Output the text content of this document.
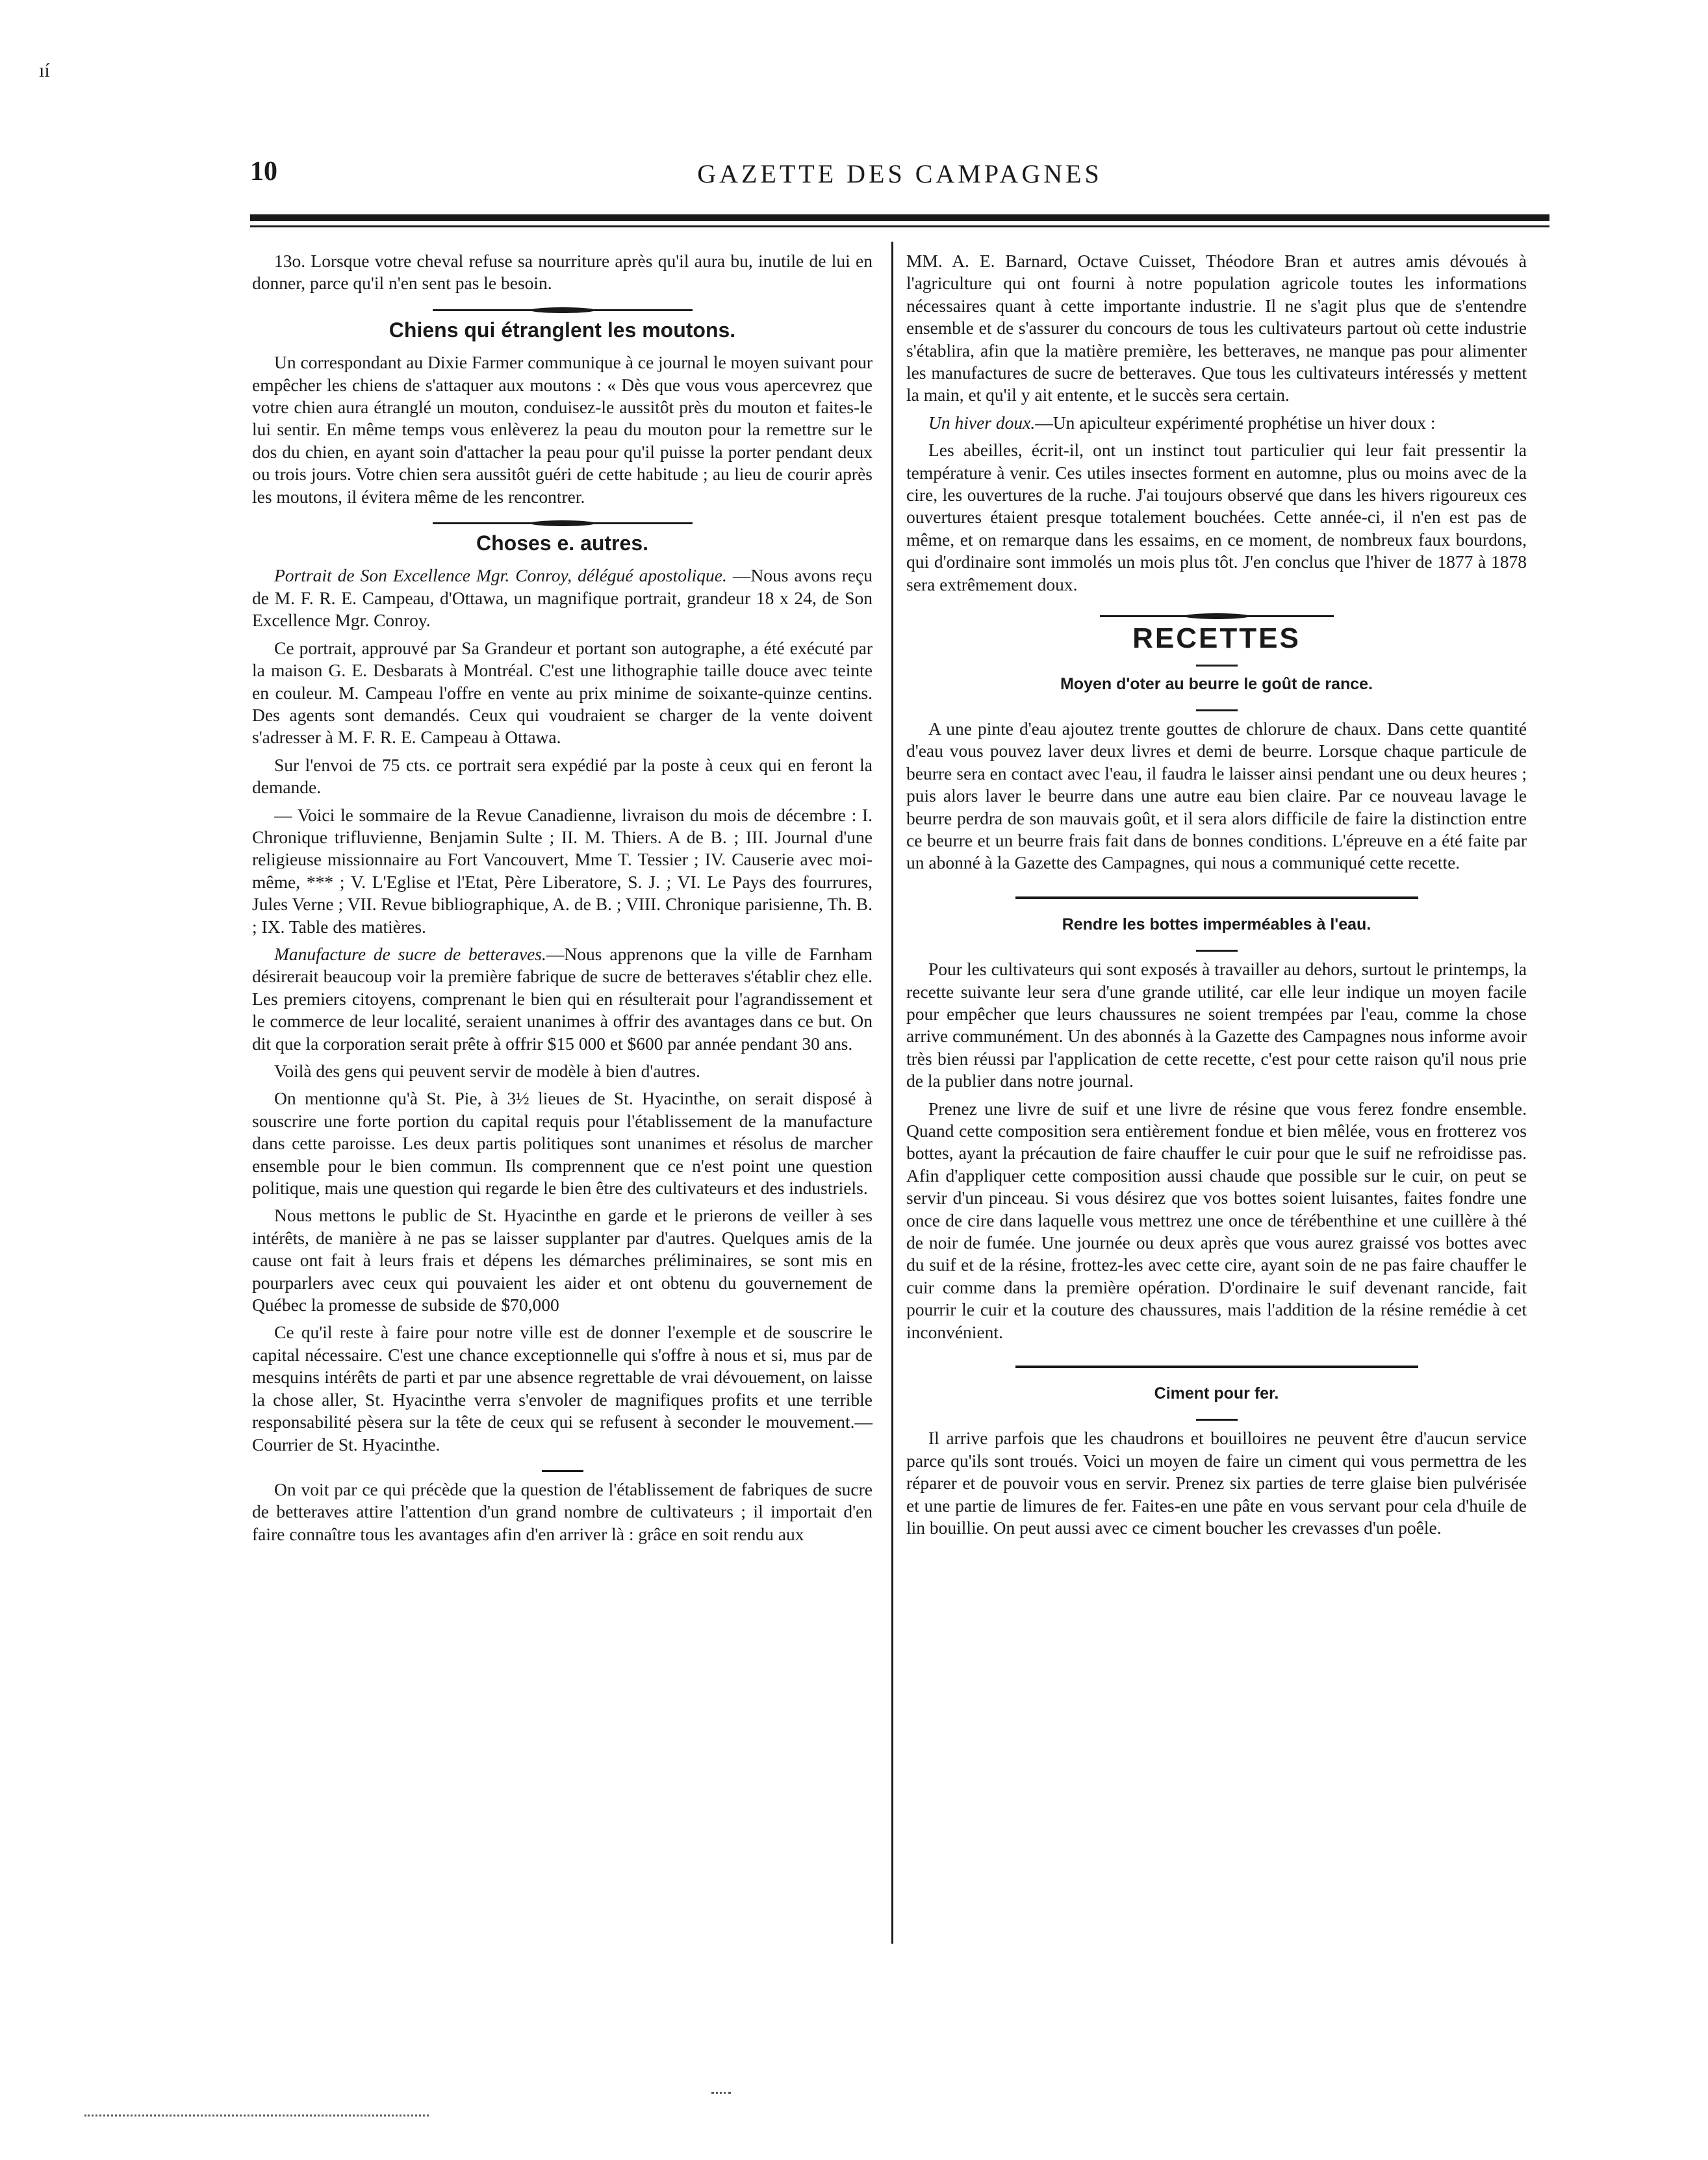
ıí
10	GAZETTE DES CAMPAGNES

13o. Lorsque votre cheval refuse sa nourriture après qu'il aura bu, inutile de lui en donner, parce qu'il n'en sent pas le besoin.

Chiens qui étranglent les moutons.

Un correspondant au Dixie Farmer communique à ce journal le moyen suivant pour empêcher les chiens de s'attaquer aux moutons : « Dès que vous vous apercevrez que votre chien aura étranglé un mouton, conduisez-le aussitôt près du mouton et faites-le lui sentir. En même temps vous enlèverez la peau du mouton pour la remettre sur le dos du chien, en ayant soin d'attacher la peau pour qu'il puisse la porter pendant deux ou trois jours. Votre chien sera aussitôt guéri de cette habitude ; au lieu de courir après les moutons, il évitera même de les rencontrer.

Choses e. autres.

Portrait de Son Excellence Mgr. Conroy, délégué apostolique. —Nous avons reçu de M. F. R. E. Campeau, d'Ottawa, un magnifique portrait, grandeur 18 x 24, de Son Excellence Mgr. Conroy.

Ce portrait, approuvé par Sa Grandeur et portant son autographe, a été exécuté par la maison G. E. Desbarats à Montréal. C'est une lithographie taille douce avec teinte en couleur. M. Campeau l'offre en vente au prix minime de soixante-quinze centins. Des agents sont demandés. Ceux qui voudraient se charger de la vente doivent s'adresser à M. F. R. E. Campeau à Ottawa.

Sur l'envoi de 75 cts. ce portrait sera expédié par la poste à ceux qui en feront la demande.

— Voici le sommaire de la Revue Canadienne, livraison du mois de décembre : I. Chronique trifluvienne, Benjamin Sulte ; II. M. Thiers. A de B. ; III. Journal d'une religieuse missionnaire au Fort Vancouvert, Mme T. Tessier ; IV. Causerie avec moi-même, *** ; V. L'Eglise et l'Etat, Père Liberatore, S. J. ; VI. Le Pays des fourrures, Jules Verne ; VII. Revue bibliographique, A. de B. ; VIII. Chronique parisienne, Th. B. ; IX. Table des matières.

Manufacture de sucre de betteraves.—Nous apprenons que la ville de Farnham désirerait beaucoup voir la première fabrique de sucre de betteraves s'établir chez elle. Les premiers citoyens, comprenant le bien qui en résulterait pour l'agrandissement et le commerce de leur localité, seraient unanimes à offrir des avantages dans ce but. On dit que la corporation serait prête à offrir $15 000 et $600 par année pendant 30 ans.

Voilà des gens qui peuvent servir de modèle à bien d'autres.

On mentionne qu'à St. Pie, à 3½ lieues de St. Hyacinthe, on serait disposé à souscrire une forte portion du capital requis pour l'établissement de la manufacture dans cette paroisse. Les deux partis politiques sont unanimes et résolus de marcher ensemble pour le bien commun. Ils comprennent que ce n'est point une question politique, mais une question qui regarde le bien être des cultivateurs et des industriels.

Nous mettons le public de St. Hyacinthe en garde et le prierons de veiller à ses intérêts, de manière à ne pas se laisser supplanter par d'autres. Quelques amis de la cause ont fait à leurs frais et dépens les démarches préliminaires, se sont mis en pourparlers avec ceux qui pouvaient les aider et ont obtenu du gouvernement de Québec la promesse de subside de $70,000

Ce qu'il reste à faire pour notre ville est de donner l'exemple et de souscrire le capital nécessaire. C'est une chance exceptionnelle qui s'offre à nous et si, mus par de mesquins intérêts de parti et par une absence regrettable de vrai dévouement, on laisse la chose aller, St. Hyacinthe verra s'envoler de magnifiques profits et une terrible responsabilité pèsera sur la tête de ceux qui se refusent à seconder le mouvement.—Courrier de St. Hyacinthe.

On voit par ce qui précède que la question de l'établissement de fabriques de sucre de betteraves attire l'attention d'un grand nombre de cultivateurs ; il importait d'en faire connaître tous les avantages afin d'en arriver là : grâce en soit rendu aux

MM. A. E. Barnard, Octave Cuisset, Théodore Bran et autres amis dévoués à l'agriculture qui ont fourni à notre population agricole toutes les informations nécessaires quant à cette importante industrie. Il ne s'agit plus que de s'entendre ensemble et de s'assurer du concours de tous les cultivateurs partout où cette industrie s'établira, afin que la matière première, les betteraves, ne manque pas pour alimenter les manufactures de sucre de betteraves. Que tous les cultivateurs intéressés y mettent la main, et qu'il y ait entente, et le succès sera certain.

Un hiver doux.—Un apiculteur expérimenté prophétise un hiver doux :

Les abeilles, écrit-il, ont un instinct tout particulier qui leur fait pressentir la température à venir. Ces utiles insectes forment en automne, plus ou moins avec de la cire, les ouvertures de la ruche. J'ai toujours observé que dans les hivers rigoureux ces ouvertures étaient presque totalement bouchées. Cette année-ci, il n'en est pas de même, et on remarque dans les essaims, en ce moment, de nombreux faux bourdons, qui d'ordinaire sont immolés un mois plus tôt. J'en conclus que l'hiver de 1877 à 1878 sera extrêmement doux.

RECETTES
Moyen d'oter au beurre le goût de rance.

A une pinte d'eau ajoutez trente gouttes de chlorure de chaux. Dans cette quantité d'eau vous pouvez laver deux livres et demi de beurre. Lorsque chaque particule de beurre sera en contact avec l'eau, il faudra le laisser ainsi pendant une ou deux heures ; puis alors laver le beurre dans une autre eau bien claire. Par ce nouveau lavage le beurre perdra de son mauvais goût, et il sera alors difficile de faire la distinction entre ce beurre et un beurre frais fait dans de bonnes conditions. L'épreuve en a été faite par un abonné à la Gazette des Campagnes, qui nous a communiqué cette recette.

Rendre les bottes imperméables à l'eau.

Pour les cultivateurs qui sont exposés à travailler au dehors, surtout le printemps, la recette suivante leur sera d'une grande utilité, car elle leur indique un moyen facile pour empêcher que leurs chaussures ne soient trempées par l'eau, comme la chose arrive communément. Un des abonnés à la Gazette des Campagnes nous informe avoir très bien réussi par l'application de cette recette, c'est pour cette raison qu'il nous prie de la publier dans notre journal.

Prenez une livre de suif et une livre de résine que vous ferez fondre ensemble. Quand cette composition sera entièrement fondue et bien mêlée, vous en frotterez vos bottes, ayant la précaution de faire chauffer le cuir pour que le suif ne refroidisse pas. Afin d'appliquer cette composition aussi chaude que possible sur le cuir, on peut se servir d'un pinceau. Si vous désirez que vos bottes soient luisantes, faites fondre une once de cire dans laquelle vous mettrez une once de térébenthine et une cuillère à thé de noir de fumée. Une journée ou deux après que vous aurez graissé vos bottes avec du suif et de la résine, frottez-les avec cette cire, ayant soin de ne pas faire chauffer le cuir comme dans la première opération. D'ordinaire le suif devenant rancide, fait pourrir le cuir et la couture des chaussures, mais l'addition de la résine remédie à cet inconvénient.

Ciment pour fer.

Il arrive parfois que les chaudrons et bouilloires ne peuvent être d'aucun service parce qu'ils sont troués. Voici un moyen de faire un ciment qui vous permettra de les réparer et de pouvoir vous en servir. Prenez six parties de terre glaise bien pulvérisée et une partie de limures de fer. Faites-en une pâte en vous servant pour cela d'huile de lin bouillie. On peut aussi avec ce ciment boucher les crevasses d'un poêle.
